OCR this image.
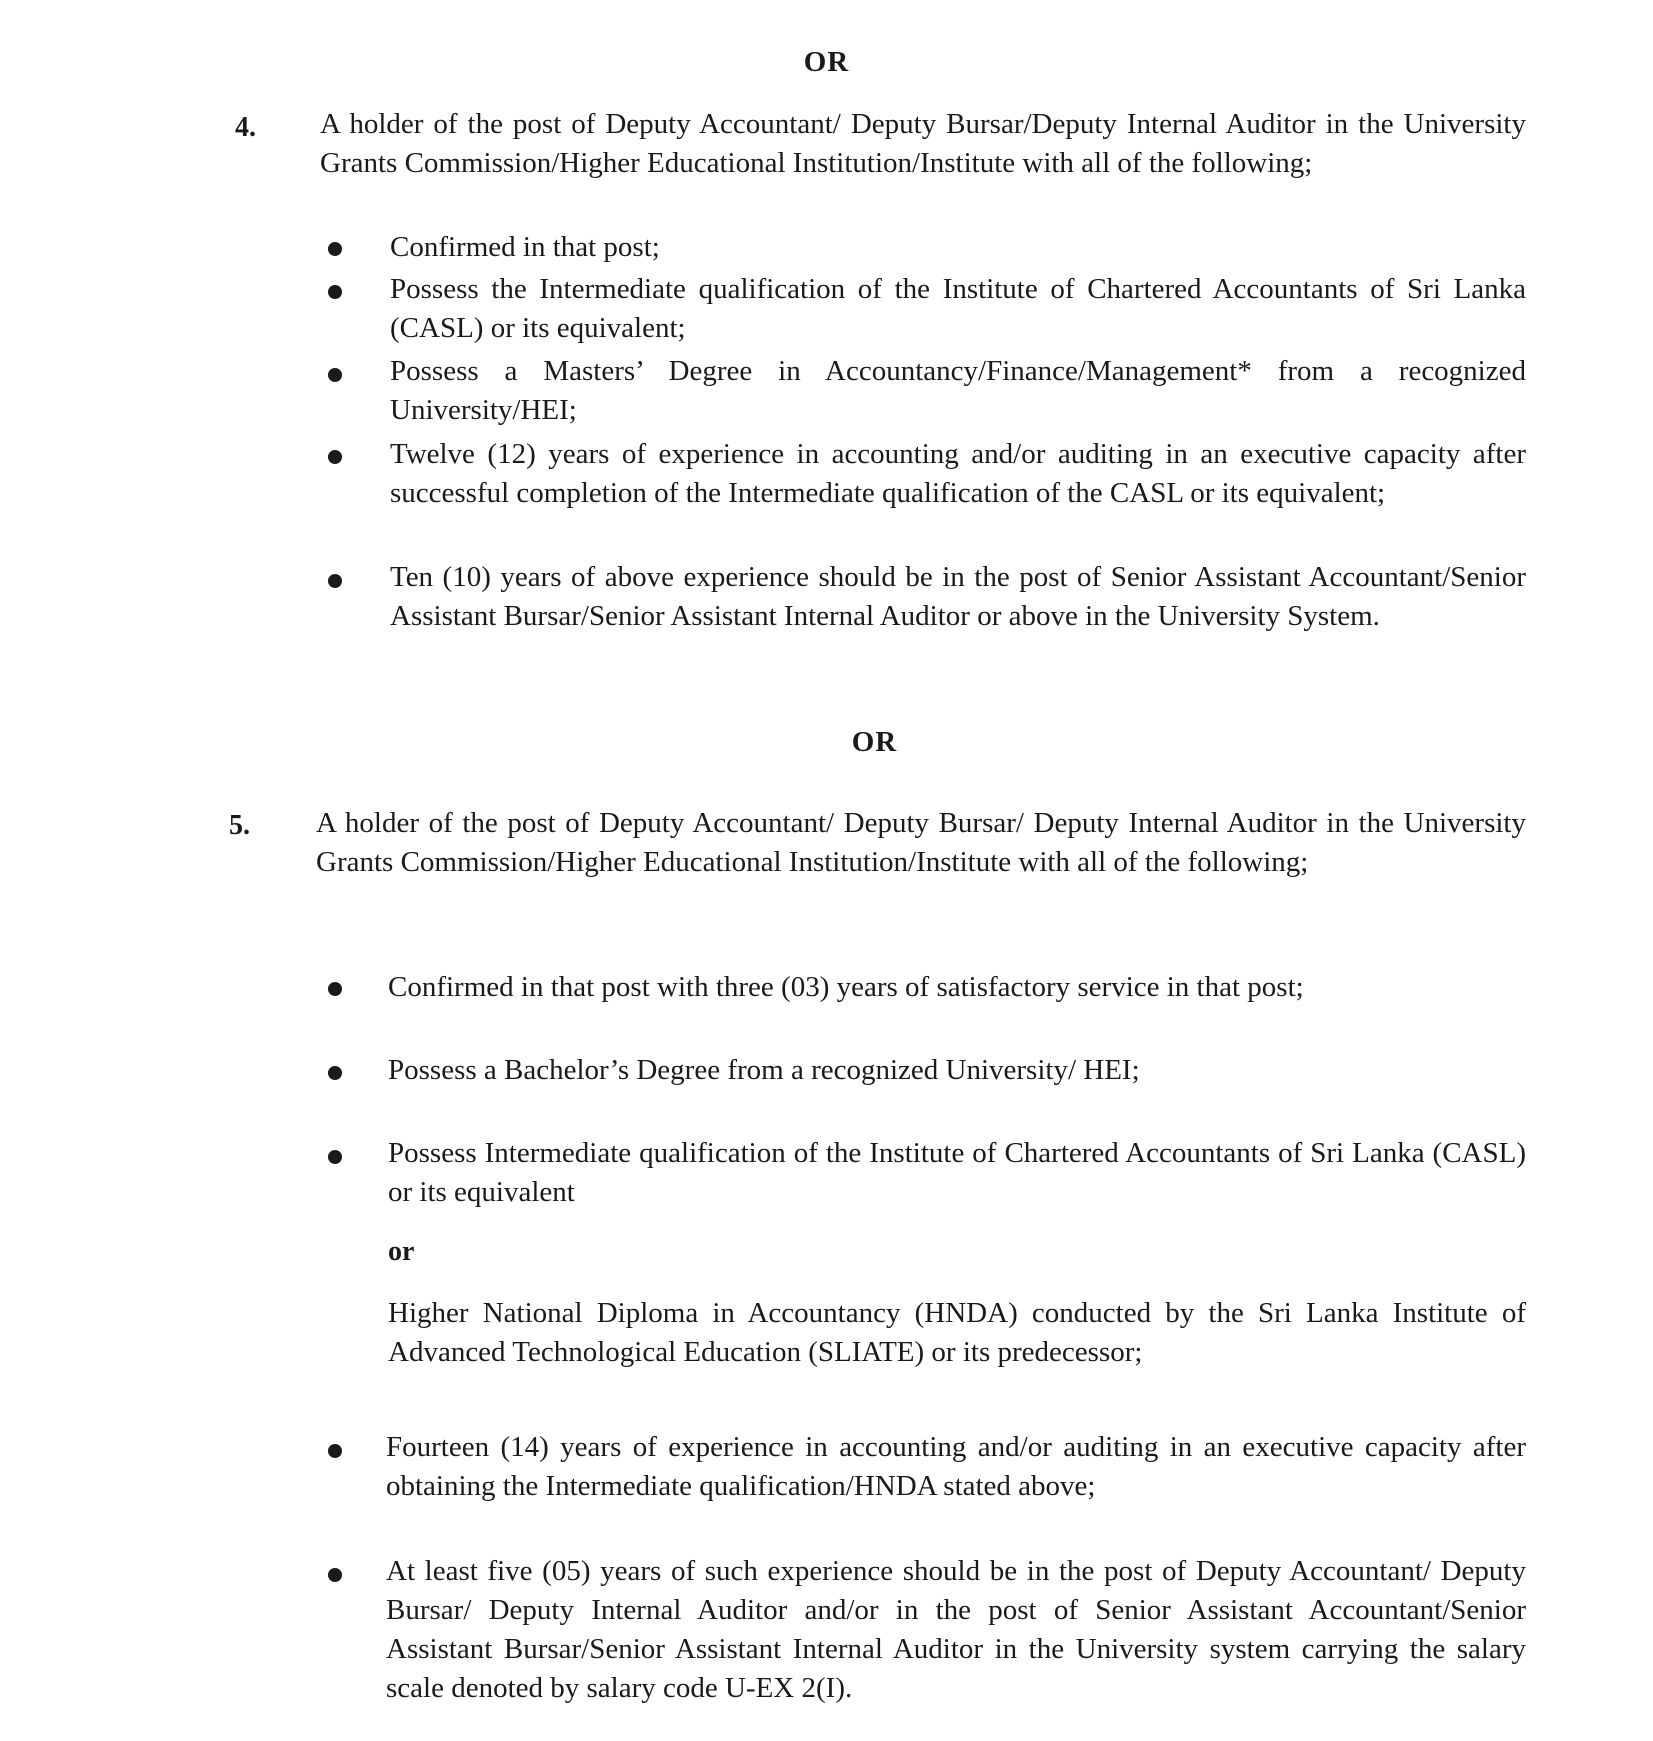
OR
4. A holder of the post of Deputy Accountant/ Deputy Bursar/Deputy Internal Auditor in the University Grants Commission/Higher Educational Institution/Institute with all of the following;
Confirmed in that post;
Possess the Intermediate qualification of the Institute of Chartered Accountants of Sri Lanka (CASL) or its equivalent;
Possess a Masters’ Degree in Accountancy/Finance/Management* from a recognized University/HEI;
Twelve (12) years of experience in accounting and/or auditing in an executive capacity after successful completion of the Intermediate qualification of the CASL or its equivalent;
Ten (10) years of above experience should be in the post of Senior Assistant Accountant/Senior Assistant Bursar/Senior Assistant Internal Auditor or above in the University System.
OR
5. A holder of the post of Deputy Accountant/ Deputy Bursar/ Deputy Internal Auditor in the University Grants Commission/Higher Educational Institution/Institute with all of the following;
Confirmed in that post with three (03) years of satisfactory service in that post;
Possess a Bachelor’s Degree from a recognized University/ HEI;
Possess Intermediate qualification of the Institute of Chartered Accountants of Sri Lanka (CASL) or its equivalent
or
Higher National Diploma in Accountancy (HNDA) conducted by the Sri Lanka Institute of Advanced Technological Education (SLIATE) or its predecessor;
Fourteen (14) years of experience in accounting and/or auditing in an executive capacity after obtaining the Intermediate qualification/HNDA stated above;
At least five (05) years of such experience should be in the post of Deputy Accountant/ Deputy Bursar/ Deputy Internal Auditor and/or in the post of Senior Assistant Accountant/Senior Assistant Bursar/Senior Assistant Internal Auditor in the University system carrying the salary scale denoted by salary code U-EX 2(I).
